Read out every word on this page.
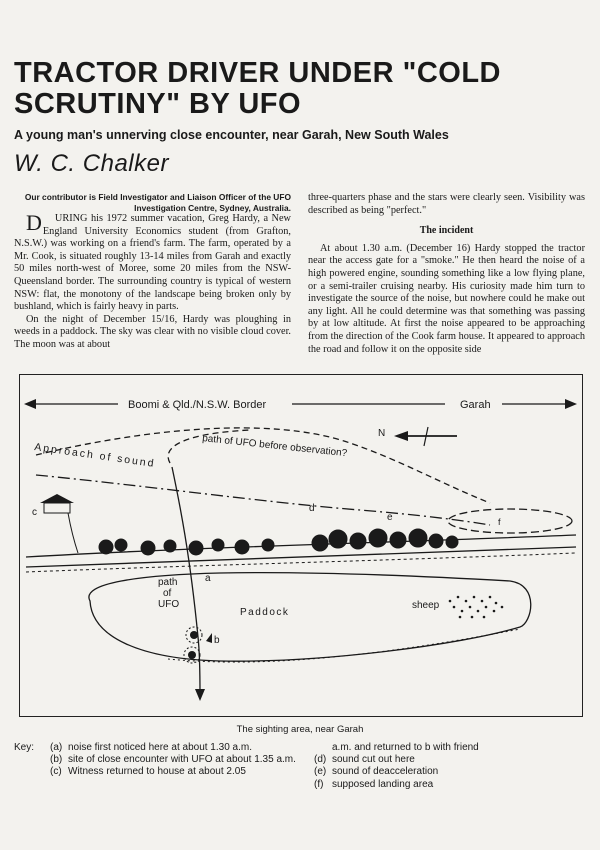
TRACTOR DRIVER UNDER "COLD SCRUTINY" BY UFO
A young man's unnerving close encounter, near Garah, New South Wales
W. C. Chalker

Our contributor is Field Investigator and Liaison Officer of the UFO Investigation Centre, Sydney, Australia.

D URING his 1972 summer vacation, Greg Hardy, a New England University Economics student (from Grafton, N.S.W.) was working on a friend's farm. The farm, operated by a Mr. Cook, is situated roughly 13-14 miles from Garah and exactly 50 miles north-west of Moree, some 20 miles from the NSW-Queensland border. The surrounding country is typical of western NSW: flat, the monotony of the landscape being broken only by bushland, which is fairly heavy in parts.

On the night of December 15/16, Hardy was ploughing in weeds in a paddock. The sky was clear with no visible cloud cover. The moon was at about

three-quarters phase and the stars were clearly seen. Visibility was described as being "perfect."

The incident

At about 1.30 a.m. (December 16) Hardy stopped the tractor near the access gate for a "smoke." He then heard the noise of a high powered engine, sounding something like a low flying plane, or a semi-trailer cruising nearby. His curiosity made him turn to investigate the source of the noise, but nowhere could he make out any light. All he could determine was that something was passing by at low altitude. At first the noise appeared to be approaching from the direction of the Cook farm house. It appeared to approach the road and follow it on the opposite side

Boomi & Qld./N.S.W. Border	Garah
N
path of UFO before observation?
Approach of sound
f
d
e
c
Paddock
sheep
path
of
UFO
a
b

The sighting area, near Garah

Key: (a) noise first noticed here at about 1.30 a.m.
(b) site of close encounter with UFO at about 1.35 a.m.
(c) Witness returned to house at about 2.05
a.m. and returned to b with friend
(d) sound cut out here
(e) sound of deacceleration
(f) supposed landing area
